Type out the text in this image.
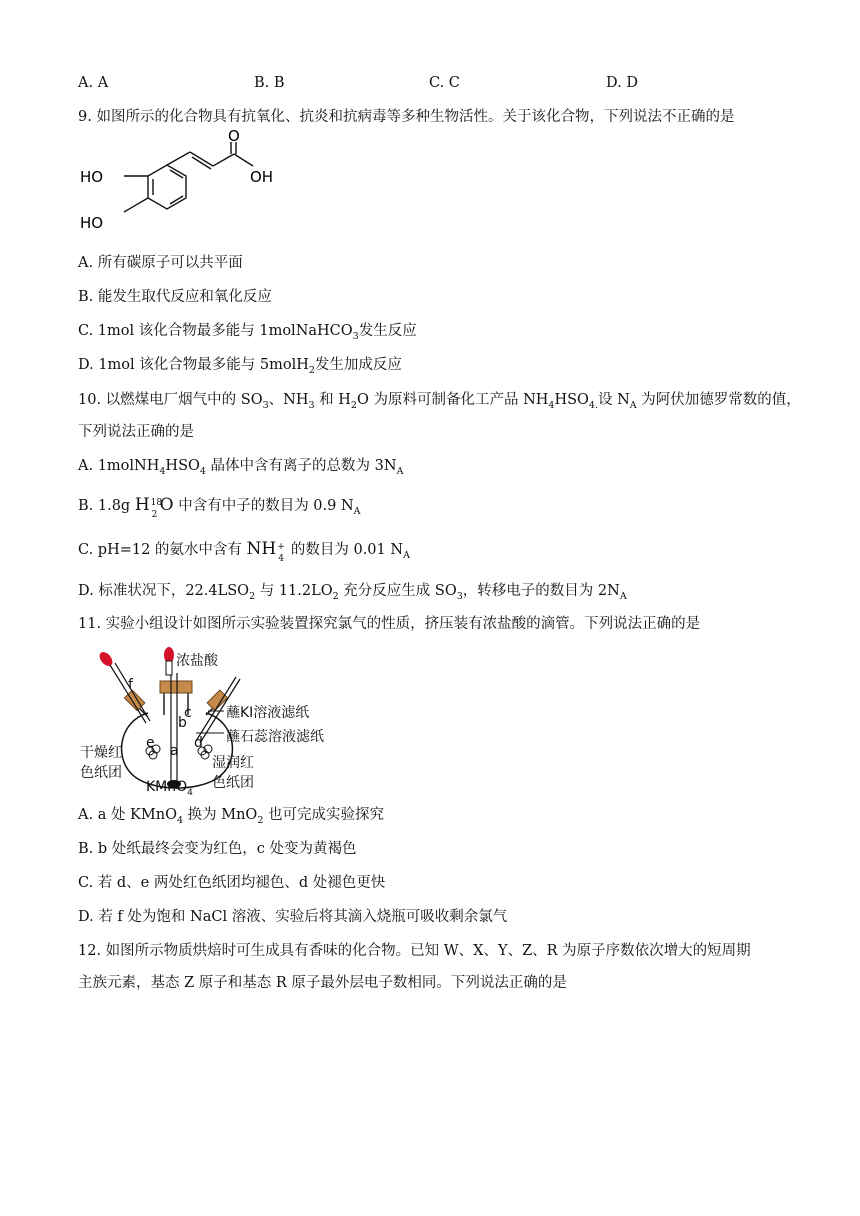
A. A	B. B	C. C	D. D
9. 如图所示的化合物具有抗氧化、抗炎和抗病毒等多种生物活性。关于该化合物，下列说法不正确的是
HO
HO
O
OH
A. 所有碳原子可以共平面
B. 能发生取代反应和氧化反应
C. 1mol 该化合物最多能与 1molNaHCO$_3$发生反应
D. 1mol 该化合物最多能与 5molH$_2$发生加成反应
10. 以燃煤电厂烟气中的 $SO_3$、$NH_3$ 和 $H_2O$ 为原料可制备化工产品 $NH_4HSO_{4.}$设 $N_A$ 为阿伏加德罗常数的值，
下列说法正确的是
A. $1molNH_4HSO_4$ 晶体中含有离子的总数为 $3N_A$
B. 1.8g H 18
2 O 中含有中子的数目为 0.9 $N_A$
C. pH=12 的氨水中含有 NH +
4
的数目为 0.01 $N_A$
D. 标准状况下，$22.4LSO_2$ 与 $11.2LO_2$ 充分反应生成 $SO_3$，转移电子的数目为 $2N_A$
11. 实验小组设计如图所示实验装置探究氯气的性质，挤压装有浓盐酸的滴管。下列说法正确的是
浓盐酸
蘸KI溶液滤纸
蘸石蕊溶液滤纸
干燥红
色纸团
湿润红
色纸团
KMnO$_4$
f
a
b
c
d
e
A. a 处 KMnO$_4$ 换为 MnO$_2$ 也可完成实验探究
B. b 处纸最终会变为红色，c 处变为黄褐色
C. 若 d、e 两处红色纸团均褪色、d 处褪色更快
D. 若 f 处为饱和 NaCl 溶液、实验后将其滴入烧瓶可吸收剩余氯气
12. 如图所示物质烘焙时可生成具有香味的化合物。已知 W、X、Y、Z、R 为原子序数依次增大的短周期
主族元素，基态 Z 原子和基态 R 原子最外层电子数相同。下列说法正确的是
